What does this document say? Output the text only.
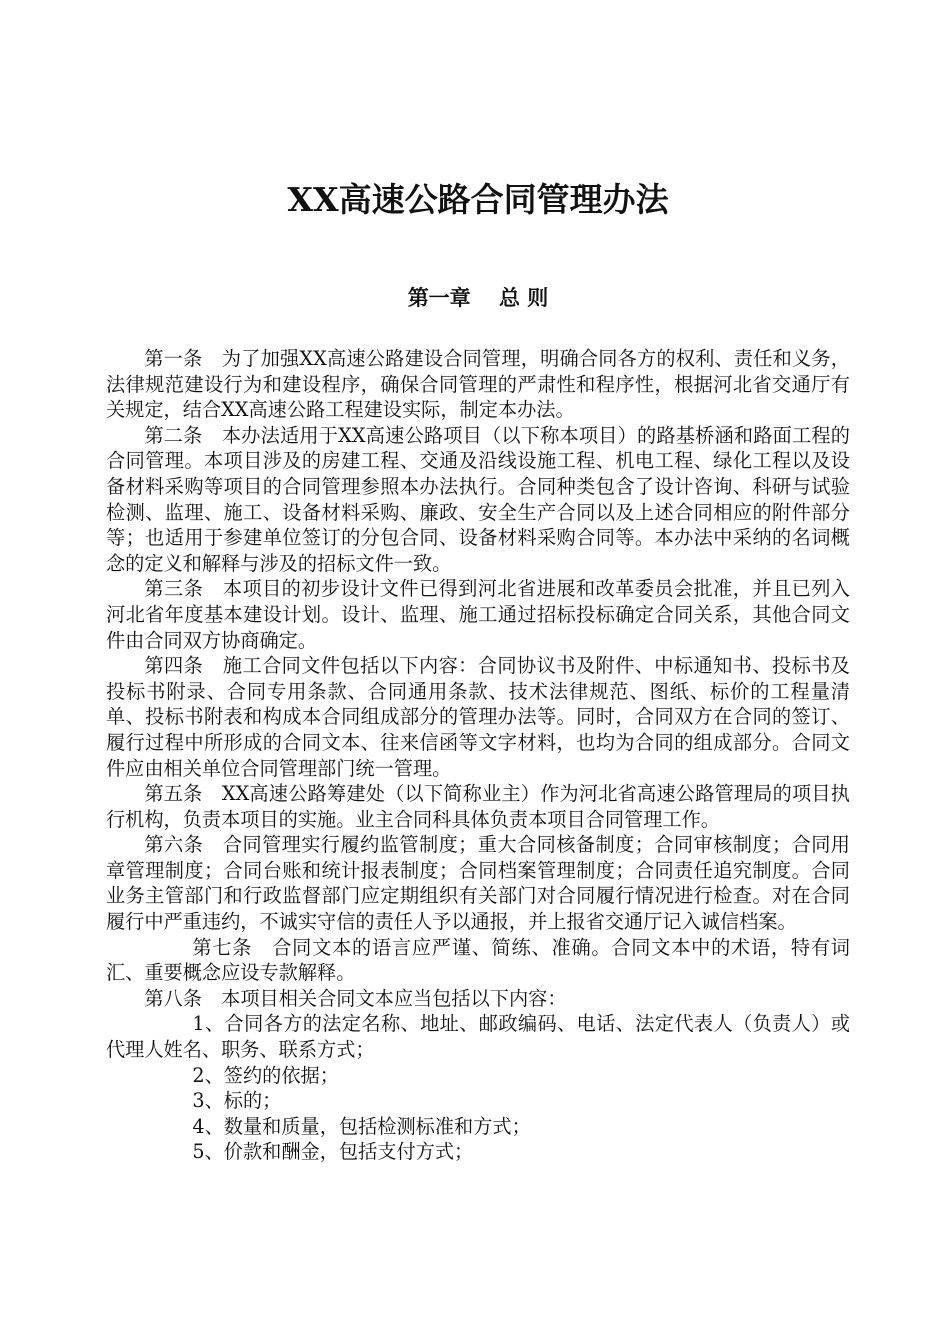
XX高速公路合同管理办法
第一章　 总 则

第一条　为了加强XX高速公路建设合同管理，明确合同各方的权利、责任和义务，法律规范建设行为和建设程序，确保合同管理的严肃性和程序性，根据河北省交通厅有关规定，结合XX高速公路工程建设实际，制定本办法。

第二条　本办法适用于XX高速公路项目（以下称本项目）的路基桥涵和路面工程的合同管理。本项目涉及的房建工程、交通及沿线设施工程、机电工程、绿化工程以及设备材料采购等项目的合同管理参照本办法执行。合同种类包含了设计咨询、科研与试验检测、监理、施工、设备材料采购、廉政、安全生产合同以及上述合同相应的附件部分等；也适用于参建单位签订的分包合同、设备材料采购合同等。本办法中采纳的名词概念的定义和解释与涉及的招标文件一致。

第三条　本项目的初步设计文件已得到河北省进展和改革委员会批准，并且已列入河北省年度基本建设计划。设计、监理、施工通过招标投标确定合同关系，其他合同文件由合同双方协商确定。

第四条　施工合同文件包括以下内容：合同协议书及附件、中标通知书、投标书及投标书附录、合同专用条款、合同通用条款、技术法律规范、图纸、标价的工程量清单、投标书附表和构成本合同组成部分的管理办法等。同时，合同双方在合同的签订、履行过程中所形成的合同文本、往来信函等文字材料，也均为合同的组成部分。合同文件应由相关单位合同管理部门统一管理。

第五条　XX高速公路筹建处（以下简称业主）作为河北省高速公路管理局的项目执行机构，负责本项目的实施。业主合同科具体负责本项目合同管理工作。

第六条　合同管理实行履约监管制度；重大合同核备制度；合同审核制度；合同用章管理制度；合同台账和统计报表制度；合同档案管理制度；合同责任追究制度。合同业务主管部门和行政监督部门应定期组织有关部门对合同履行情况进行检查。对在合同履行中严重违约，不诚实守信的责任人予以通报，并上报省交通厅记入诚信档案。

第七条　合同文本的语言应严谨、简练、准确。合同文本中的术语，特有词汇、重要概念应设专款解释。

第八条　本项目相关合同文本应当包括以下内容：

1、合同各方的法定名称、地址、邮政编码、电话、法定代表人（负责人）或代理人姓名、职务、联系方式；

2、签约的依据；

3、标的；

4、数量和质量，包括检测标准和方式；

5、价款和酬金，包括支付方式；
